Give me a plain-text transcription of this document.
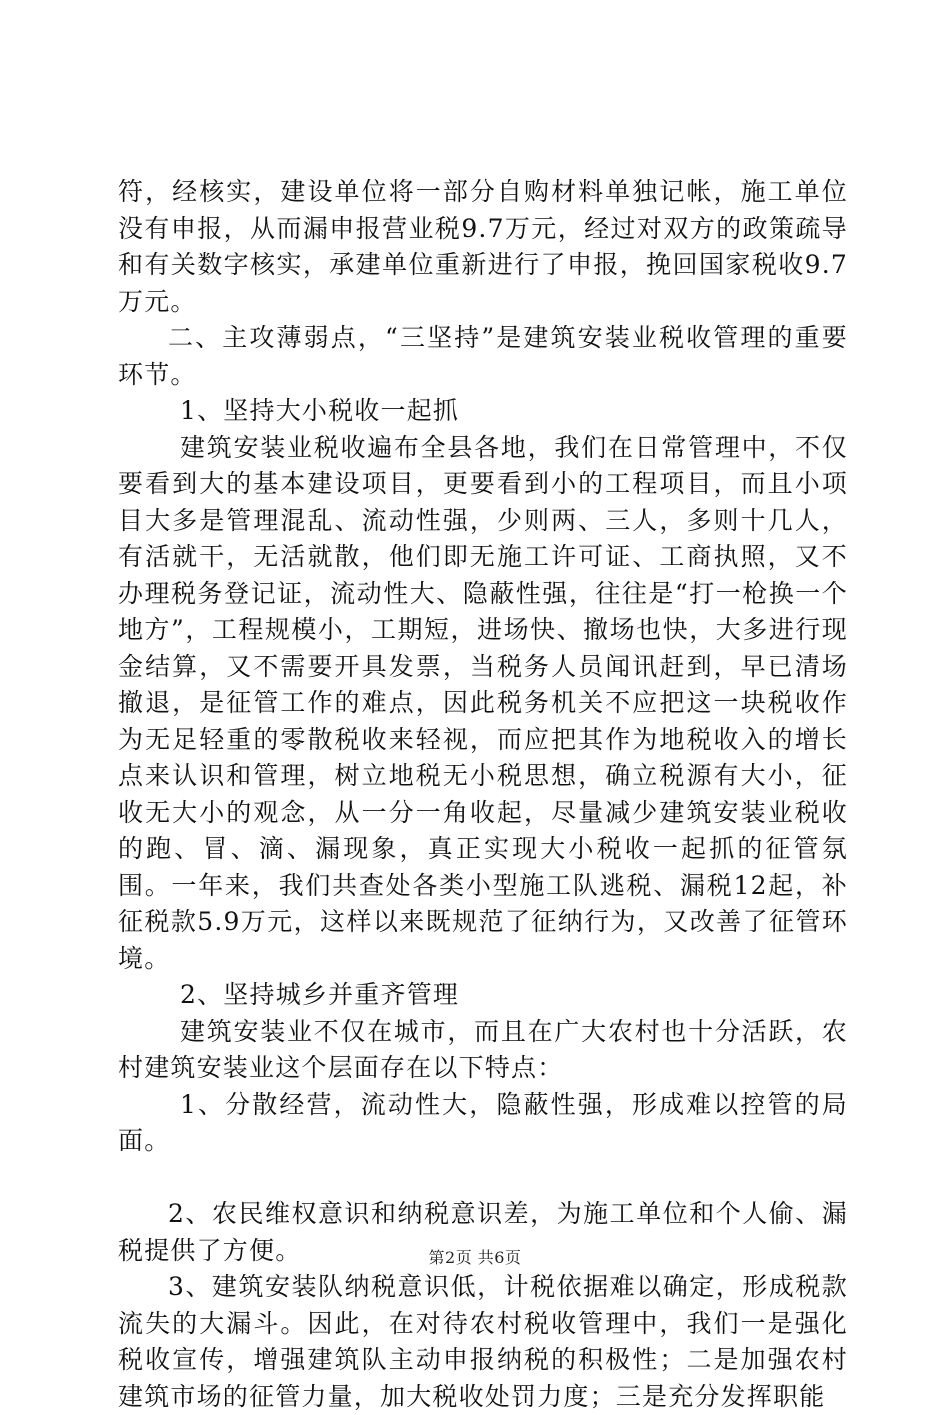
符，经核实，建设单位将一部分自购材料单独记帐，施工单位没有申报，从而漏申报营业税9.7万元，经过对双方的政策疏导和有关数字核实，承建单位重新进行了申报，挽回国家税收9.7万元。

二、主攻薄弱点，“三坚持”是建筑安装业税收管理的重要环节。

1、坚持大小税收一起抓

建筑安装业税收遍布全县各地，我们在日常管理中，不仅要看到大的基本建设项目，更要看到小的工程项目，而且小项目大多是管理混乱、流动性强，少则两、三人，多则十几人，有活就干，无活就散，他们即无施工许可证、工商执照，又不办理税务登记证，流动性大、隐蔽性强，往往是“打一枪换一个地方”，工程规模小，工期短，进场快、撤场也快，大多进行现金结算，又不需要开具发票，当税务人员闻讯赶到，早已清场撤退，是征管工作的难点，因此税务机关不应把这一块税收作为无足轻重的零散税收来轻视，而应把其作为地税收入的增长点来认识和管理，树立地税无小税思想，确立税源有大小，征收无大小的观念，从一分一角收起，尽量减少建筑安装业税收的跑、冒、滴、漏现象，真正实现大小税收一起抓的征管氛围。一年来，我们共查处各类小型施工队逃税、漏税12起，补征税款5.9万元，这样以来既规范了征纳行为，又改善了征管环境。

2、坚持城乡并重齐管理

建筑安装业不仅在城市，而且在广大农村也十分活跃，农村建筑安装业这个层面存在以下特点：

1、分散经营，流动性大，隐蔽性强，形成难以控管的局面。

2、农民维权意识和纳税意识差，为施工单位和个人偷、漏税提供了方便。

3、建筑安装队纳税意识低，计税依据难以确定，形成税款流失的大漏斗。因此，在对待农村税收管理中，我们一是强化税收宣传，增强建筑队主动申报纳税的积极性；二是加强农村建筑市场的征管力量，加大税收处罚力度；三是充分发挥职能

第2页 共6页
